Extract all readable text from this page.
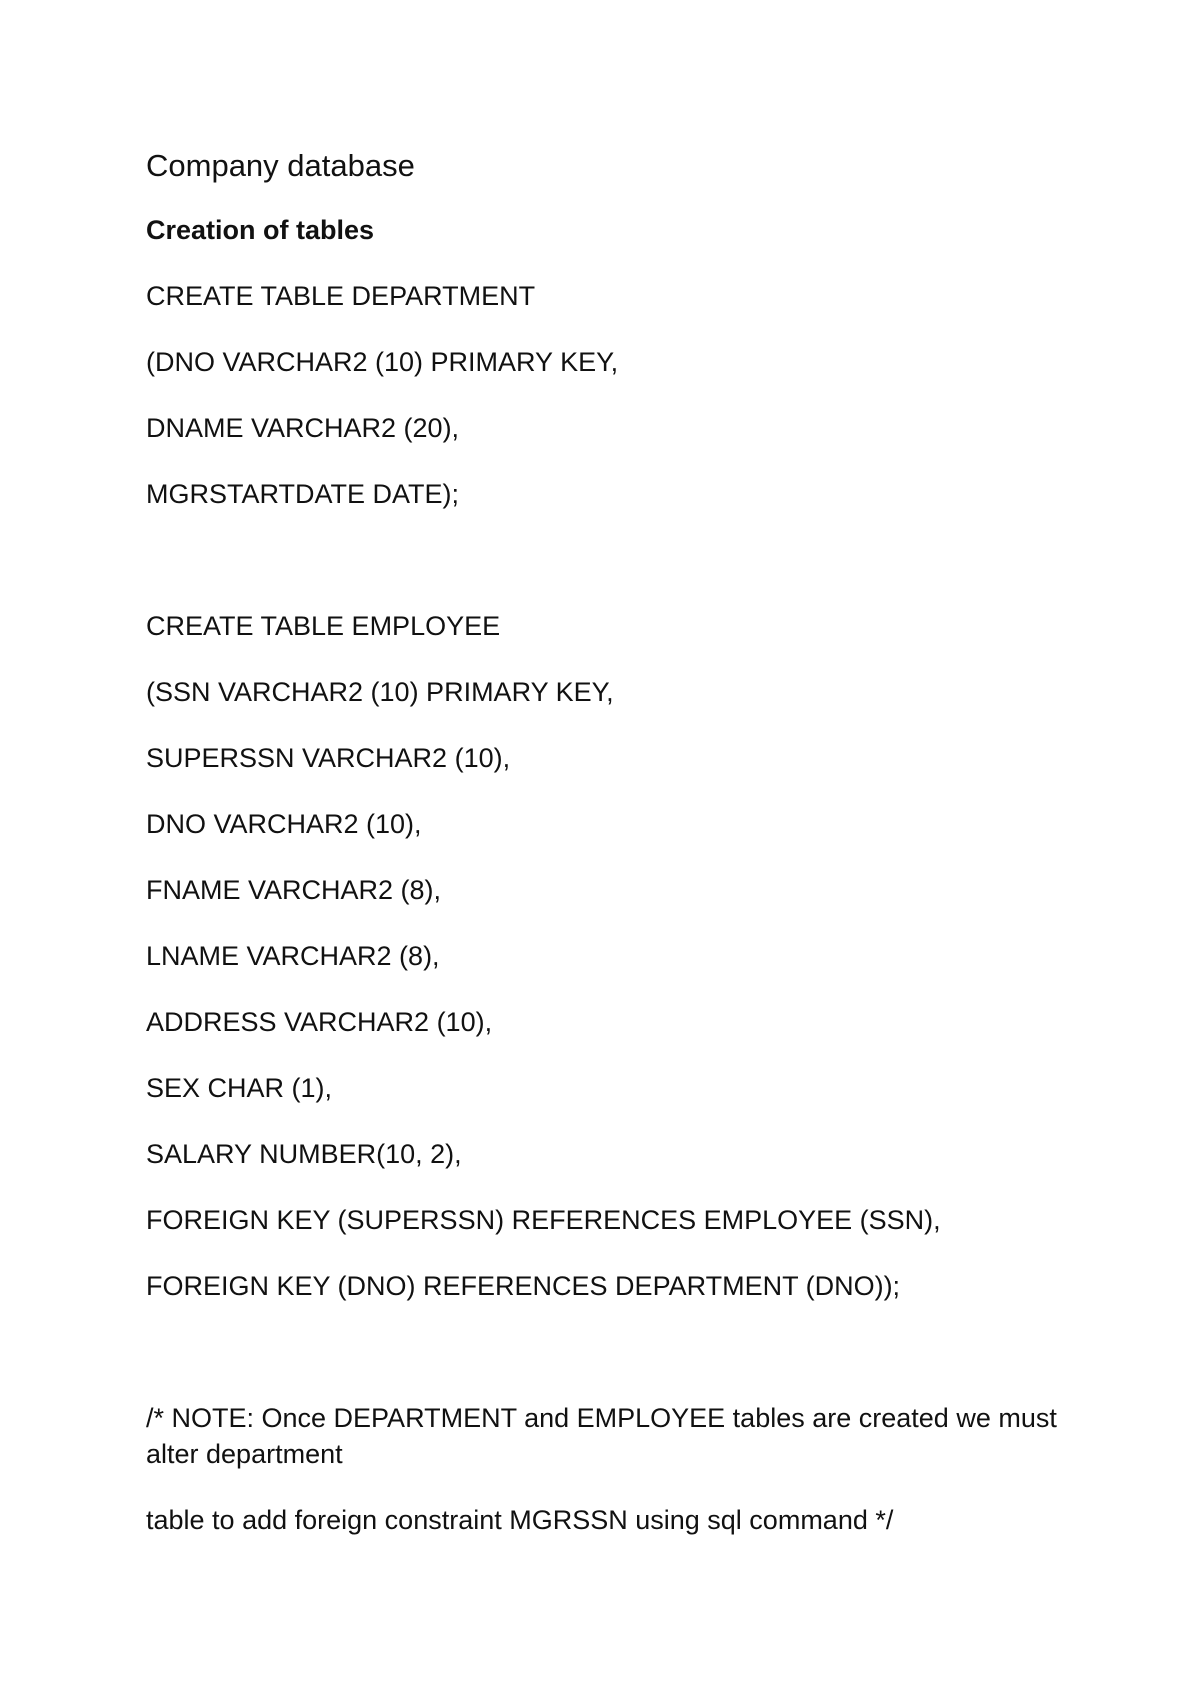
Company database
Creation of tables
CREATE TABLE DEPARTMENT
(DNO VARCHAR2 (10) PRIMARY KEY,
DNAME VARCHAR2 (20),
MGRSTARTDATE DATE);
CREATE TABLE EMPLOYEE
(SSN VARCHAR2 (10) PRIMARY KEY,
SUPERSSN VARCHAR2 (10),
DNO VARCHAR2 (10),
FNAME VARCHAR2 (8),
LNAME VARCHAR2 (8),
ADDRESS VARCHAR2 (10),
SEX CHAR (1),
SALARY NUMBER(10, 2),
FOREIGN KEY (SUPERSSN) REFERENCES EMPLOYEE (SSN),
FOREIGN KEY (DNO) REFERENCES DEPARTMENT (DNO));
/* NOTE: Once DEPARTMENT and EMPLOYEE tables are created we must alter department
table to add foreign constraint MGRSSN using sql command */
